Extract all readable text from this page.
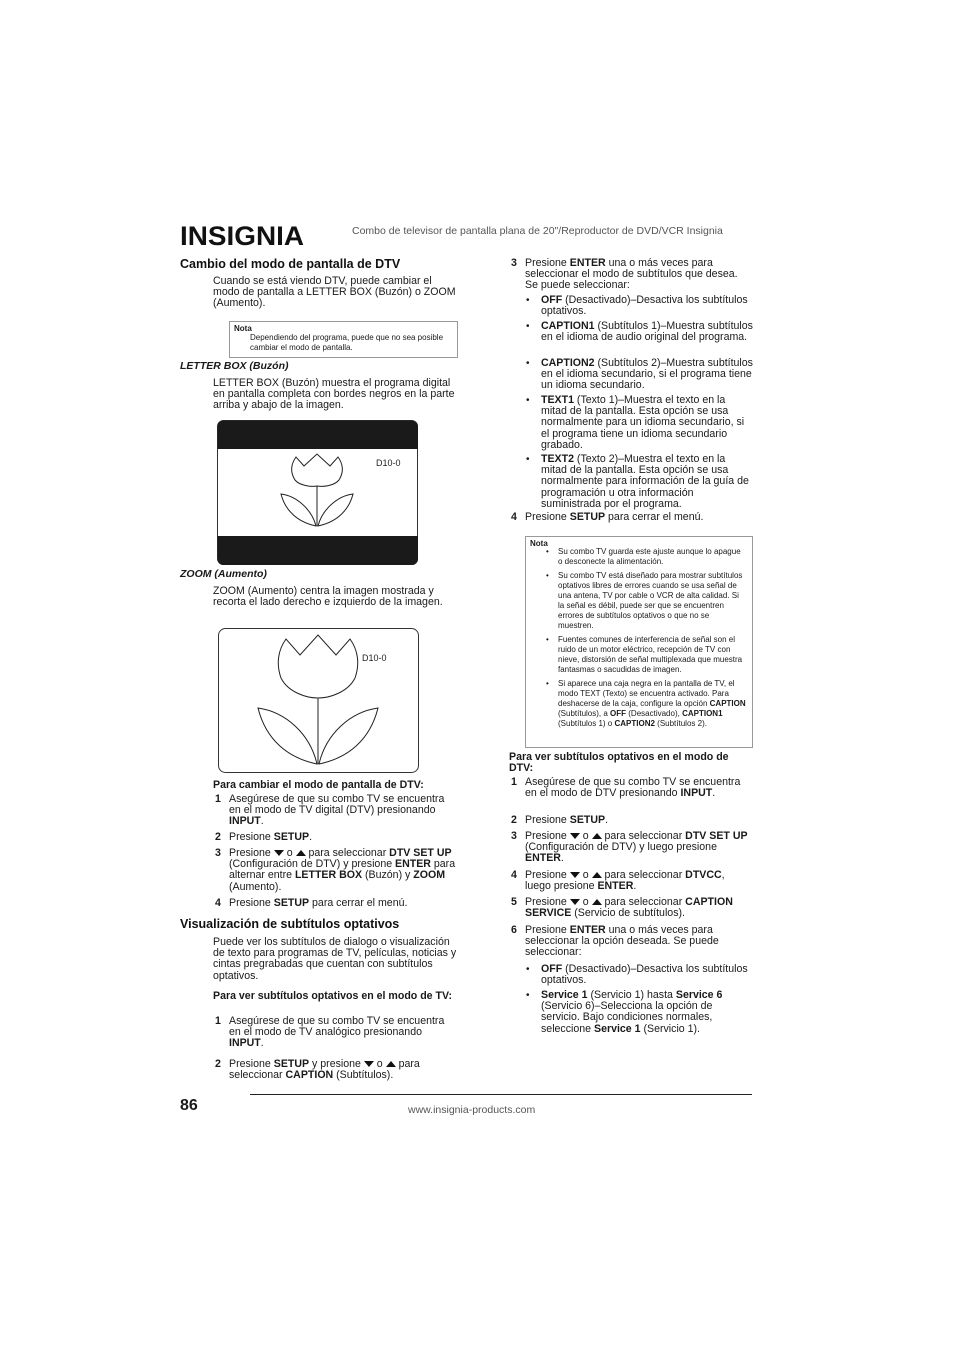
INSIGNIA	Combo de televisor de pantalla plana de 20"/Reproductor de DVD/VCR Insignia
Cambio del modo de pantalla de DTV
Cuando se está viendo DTV, puede cambiar el modo de pantalla a LETTER BOX (Buzón) o ZOOM (Aumento).
Nota
Dependiendo del programa, puede que no sea posible cambiar el modo de pantalla.
LETTER BOX (Buzón)
LETTER BOX (Buzón) muestra el programa digital en pantalla completa con bordes negros en la parte arriba y abajo de la imagen.
D10-0
ZOOM (Aumento)
ZOOM (Aumento) centra la imagen mostrada y recorta el lado derecho e izquierdo de la imagen.
D10-0
Para cambiar el modo de pantalla de DTV:
1 Asegúrese de que su combo TV se encuentra en el modo de TV digital (DTV) presionando INPUT.
2 Presione SETUP.
3 Presione  o  para seleccionar DTV SET UP (Configuración de DTV) y presione ENTER para alternar entre LETTER BOX (Buzón) y ZOOM (Aumento).
4 Presione SETUP para cerrar el menú.
Visualización de subtítulos optativos
Puede ver los subtítulos de dialogo o visualización de texto para programas de TV, películas, noticias y cintas pregrabadas que cuentan con subtítulos optativos.
Para ver subtítulos optativos en el modo de TV:
1 Asegúrese de que su combo TV se encuentra en el modo de TV analógico presionando INPUT.
2 Presione SETUP y presione  o  para seleccionar CAPTION (Subtítulos).
3 Presione ENTER una o más veces para seleccionar el modo de subtítulos que desea. Se puede seleccionar:
• OFF (Desactivado)–Desactiva los subtítulos optativos.
• CAPTION1 (Subtítulos 1)–Muestra subtítulos en el idioma de audio original del programa.
• CAPTION2 (Subtítulos 2)–Muestra subtítulos en el idioma secundario, si el programa tiene un idioma secundario.
• TEXT1 (Texto 1)–Muestra el texto en la mitad de la pantalla. Esta opción se usa normalmente para un idioma secundario, si el programa tiene un idioma secundario grabado.
• TEXT2 (Texto 2)–Muestra el texto en la mitad de la pantalla. Esta opción se usa normalmente para información de la guía de programación u otra información suministrada por el programa.
4 Presione SETUP para cerrar el menú.
Nota
• Su combo TV guarda este ajuste aunque lo apague o desconecte la alimentación.
• Su combo TV está diseñado para mostrar subtítulos optativos libres de errores cuando se usa señal de una antena, TV por cable o VCR de alta calidad. Si la señal es débil, puede ser que se encuentren errores de subtítulos optativos o que no se muestren.
• Fuentes comunes de interferencia de señal son el ruido de un motor eléctrico, recepción de TV con nieve, distorsión de señal multiplexada que muestra fantasmas o sacudidas de imagen.
• Si aparece una caja negra en la pantalla de TV, el modo TEXT (Texto) se encuentra activado. Para deshacerse de la caja, configure la opción CAPTION (Subtítulos), a OFF (Desactivado), CAPTION1 (Subtítulos 1) o CAPTION2 (Subtítulos 2).
Para ver subtítulos optativos en el modo de DTV:
1 Asegúrese de que su combo TV se encuentra en el modo de DTV presionando INPUT.
2 Presione SETUP.
3 Presione  o  para seleccionar DTV SET UP (Configuración de DTV) y luego presione ENTER.
4 Presione  o  para seleccionar DTVCC, luego presione ENTER.
5 Presione  o  para seleccionar CAPTION SERVICE (Servicio de subtítulos).
6 Presione ENTER una o más veces para seleccionar la opción deseada. Se puede seleccionar:
• OFF (Desactivado)–Desactiva los subtítulos optativos.
• Service 1 (Servicio 1) hasta Service 6 (Servicio 6)–Selecciona la opción de servicio. Bajo condiciones normales, seleccione Service 1 (Servicio 1).
86	www.insignia-products.com
